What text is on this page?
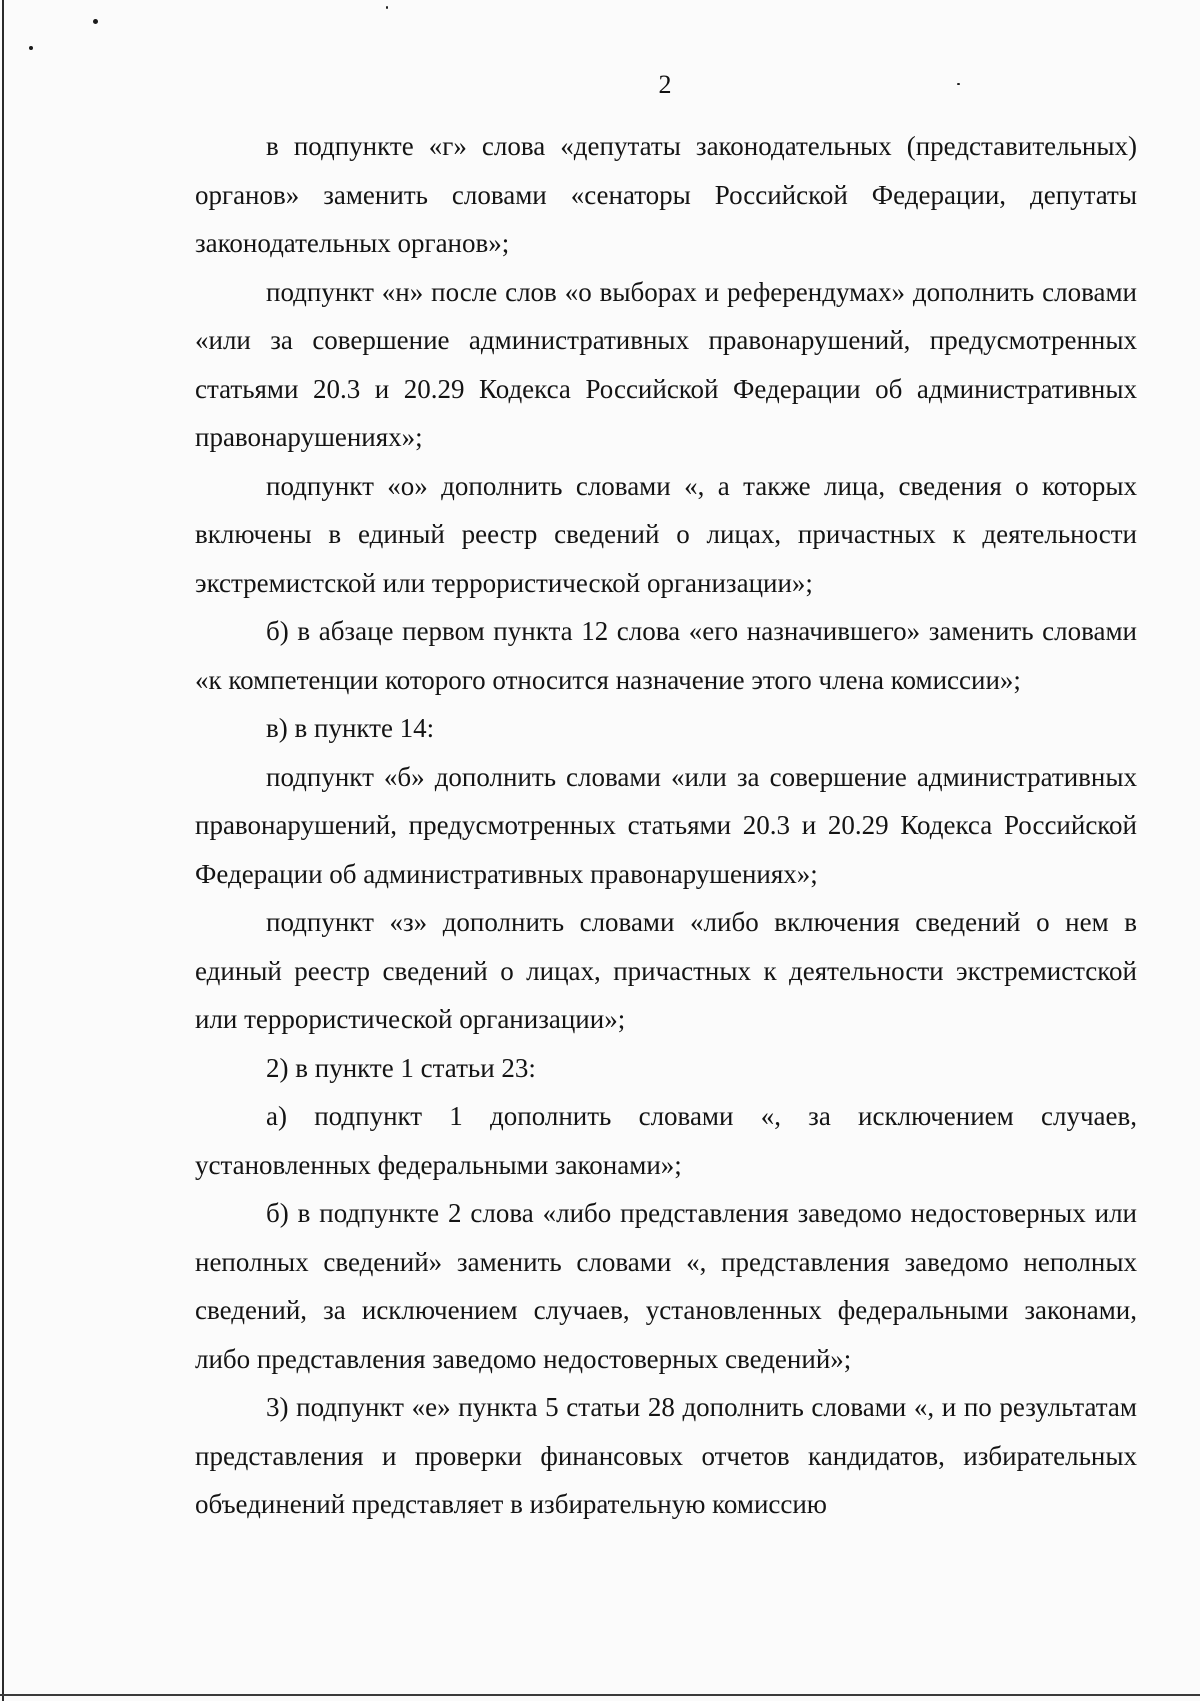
2

в подпункте «г» слова «депутаты законодательных (представительных) органов» заменить словами «сенаторы Российской Федерации, депутаты законодательных органов»;

подпункт «н» после слов «о выборах и референдумах» дополнить словами «или за совершение административных правонарушений, предусмотренных статьями 20.3 и 20.29 Кодекса Российской Федерации об административных правонарушениях»;

подпункт «о» дополнить словами «, а также лица, сведения о которых включены в единый реестр сведений о лицах, причастных к деятельности экстремистской или террористической организации»;

б) в абзаце первом пункта 12 слова «его назначившего» заменить словами «к компетенции которого относится назначение этого члена комиссии»;

в) в пункте 14:

подпункт «б» дополнить словами «или за совершение административных правонарушений, предусмотренных статьями 20.3 и 20.29 Кодекса Российской Федерации об административных правонарушениях»;

подпункт «з» дополнить словами «либо включения сведений о нем в единый реестр сведений о лицах, причастных к деятельности экстремистской или террористической организации»;

2) в пункте 1 статьи 23:

а) подпункт 1 дополнить словами «, за исключением случаев, установленных федеральными законами»;

б) в подпункте 2 слова «либо представления заведомо недостоверных или неполных сведений» заменить словами «, представления заведомо неполных сведений, за исключением случаев, установленных федеральными законами, либо представления заведомо недостоверных сведений»;

3) подпункт «е» пункта 5 статьи 28 дополнить словами «, и по результатам представления и проверки финансовых отчетов кандидатов, избирательных объединений представляет в избирательную комиссию
